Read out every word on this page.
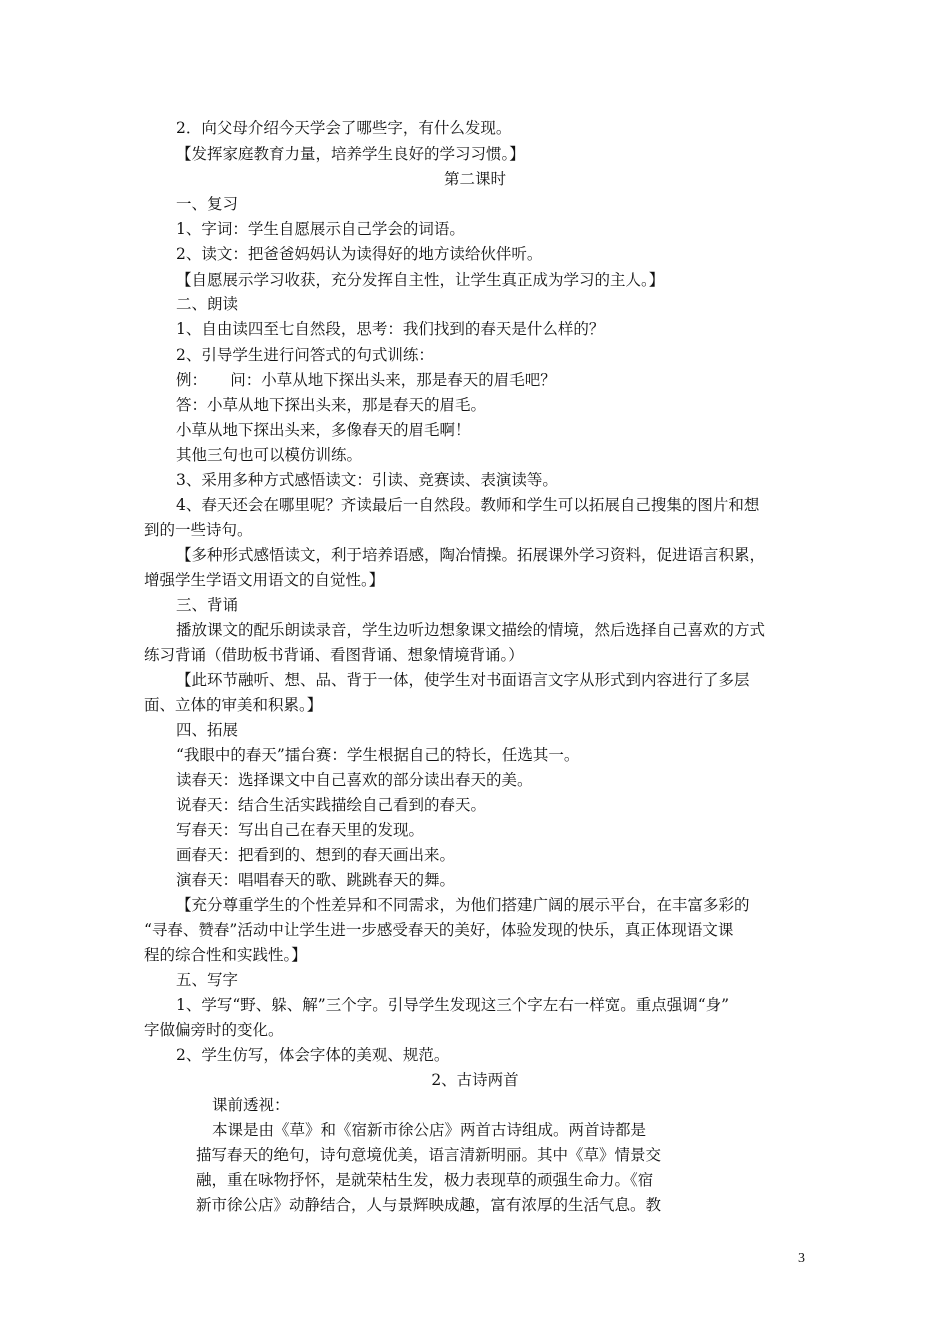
2．向父母介绍今天学会了哪些字，有什么发现。
【发挥家庭教育力量，培养学生良好的学习习惯。】
第二课时
一、复习
1、字词：学生自愿展示自己学会的词语。
2、读文：把爸爸妈妈认为读得好的地方读给伙伴听。
【自愿展示学习收获，充分发挥自主性，让学生真正成为学习的主人。】
二、朗读
1、自由读四至七自然段，思考：我们找到的春天是什么样的？
2、引导学生进行问答式的句式训练：
例：　　问：小草从地下探出头来，那是春天的眉毛吧？
答：小草从地下探出头来，那是春天的眉毛。
小草从地下探出头来，多像春天的眉毛啊！
其他三句也可以模仿训练。
3、采用多种方式感悟读文：引读、竞赛读、表演读等。
4、春天还会在哪里呢？齐读最后一自然段。教师和学生可以拓展自己搜集的图片和想
到的一些诗句。
【多种形式感悟读文，利于培养语感，陶冶情操。拓展课外学习资料，促进语言积累，
增强学生学语文用语文的自觉性。】
三、背诵
播放课文的配乐朗读录音，学生边听边想象课文描绘的情境，然后选择自己喜欢的方式
练习背诵（借助板书背诵、看图背诵、想象情境背诵。）
【此环节融听、想、品、背于一体，使学生对书面语言文字从形式到内容进行了多层
面、立体的审美和积累。】
四、拓展
“我眼中的春天”擂台赛：学生根据自己的特长，任选其一。
读春天：选择课文中自己喜欢的部分读出春天的美。
说春天：结合生活实践描绘自己看到的春天。
写春天：写出自己在春天里的发现。
画春天：把看到的、想到的春天画出来。
演春天：唱唱春天的歌、跳跳春天的舞。
【充分尊重学生的个性差异和不同需求，为他们搭建广阔的展示平台，在丰富多彩的
“寻春、赞春”活动中让学生进一步感受春天的美好，体验发现的快乐，真正体现语文课
程的综合性和实践性。】
五、写字
1、学写“野、躲、解”三个字。引导学生发现这三个字左右一样宽。重点强调“身”
字做偏旁时的变化。
2、学生仿写，体会字体的美观、规范。
2、古诗两首
课前透视：
本课是由《草》和《宿新市徐公店》两首古诗组成。两首诗都是
描写春天的绝句，诗句意境优美，语言清新明丽。其中《草》情景交
融，重在咏物抒怀，是就荣枯生发，极力表现草的顽强生命力。《宿
新市徐公店》动静结合，人与景辉映成趣，富有浓厚的生活气息。教
3
